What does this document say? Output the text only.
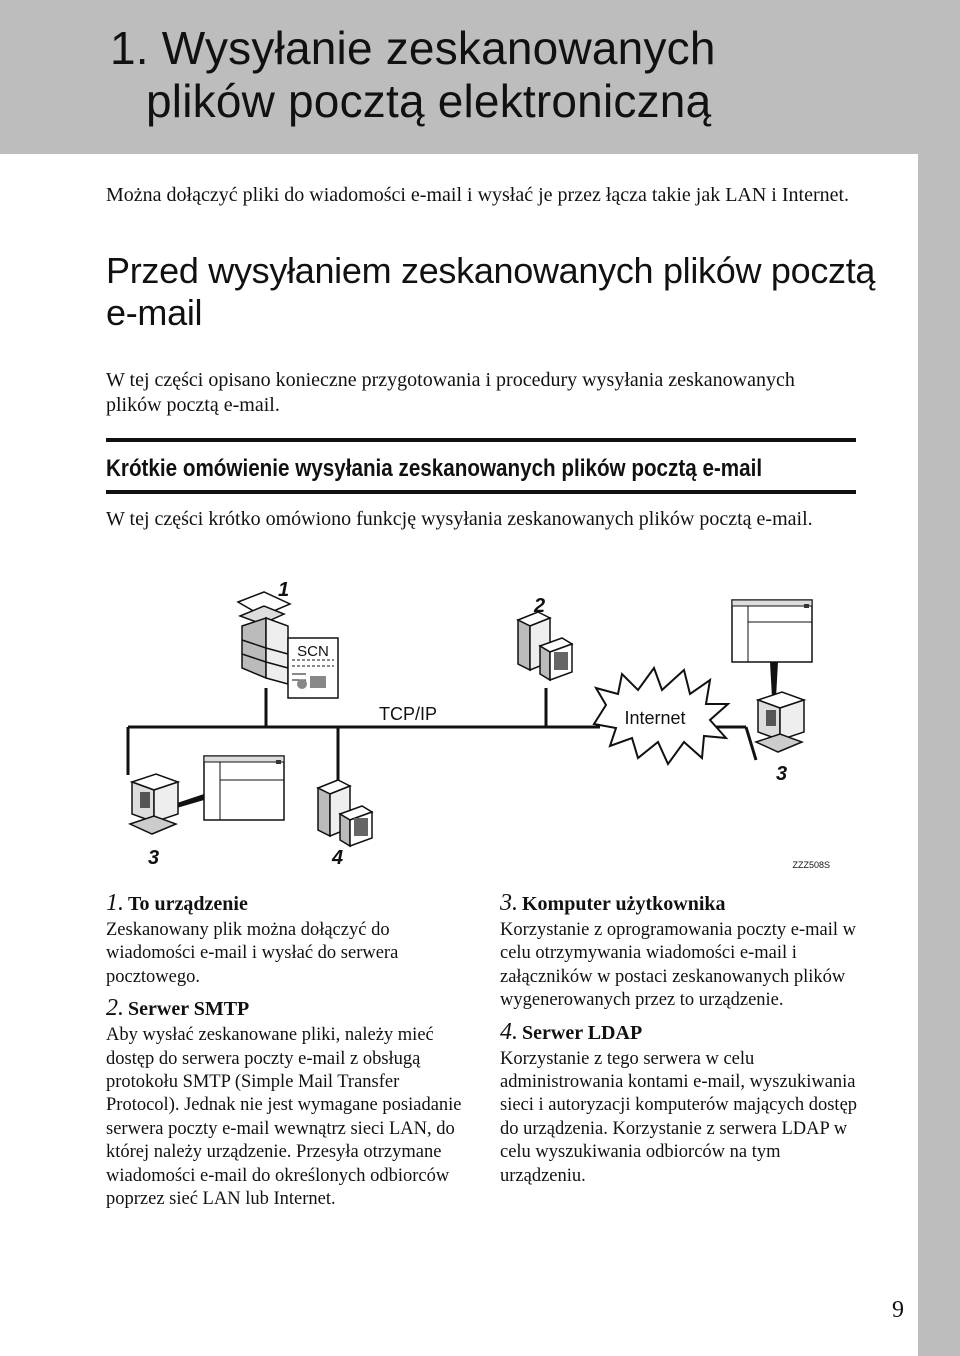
1. Wysyłanie zeskanowanych
plików pocztą elektroniczną

Można dołączyć pliki do wiadomości e-mail i wysłać je przez łącza takie jak LAN i Internet.

Przed wysyłaniem zeskanowanych plików pocztą e-mail

W tej części opisano konieczne przygotowania i procedury wysyłania zeskanowanych plików pocztą e-mail.

Krótkie omówienie wysyłania zeskanowanych plików pocztą e-mail

W tej części krótko omówiono funkcję wysyłania zeskanowanych plików pocztą e-mail.

SCN
1
2
Internet
TCP/IP
3
3	4	ZZZ508S
1. To urządzenie
Zeskanowany plik można dołączyć do wiadomości e-mail i wysłać do serwera pocztowego.
2. Serwer SMTP
Aby wysłać zeskanowane pliki, należy mieć dostęp do serwera poczty e-mail z obsługą protokołu SMTP (Simple Mail Transfer Protocol). Jednak nie jest wymagane posiadanie serwera poczty e-mail wewnątrz sieci LAN, do której należy urządzenie. Przesyła otrzymane wiadomości e-mail do określonych odbiorców poprzez sieć LAN lub Internet.
3. Komputer użytkownika
Korzystanie z oprogramowania poczty e-mail w celu otrzymywania wiadomości e-mail i załączników w postaci zeskanowanych plików wygenerowanych przez to urządzenie.
4. Serwer LDAP
Korzystanie z tego serwera w celu administrowania kontami e-mail, wyszukiwania sieci i autoryzacji komputerów mających dostęp do urządzenia. Korzystanie z serwera LDAP w celu wyszukiwania odbiorców na tym urządzeniu.
9
